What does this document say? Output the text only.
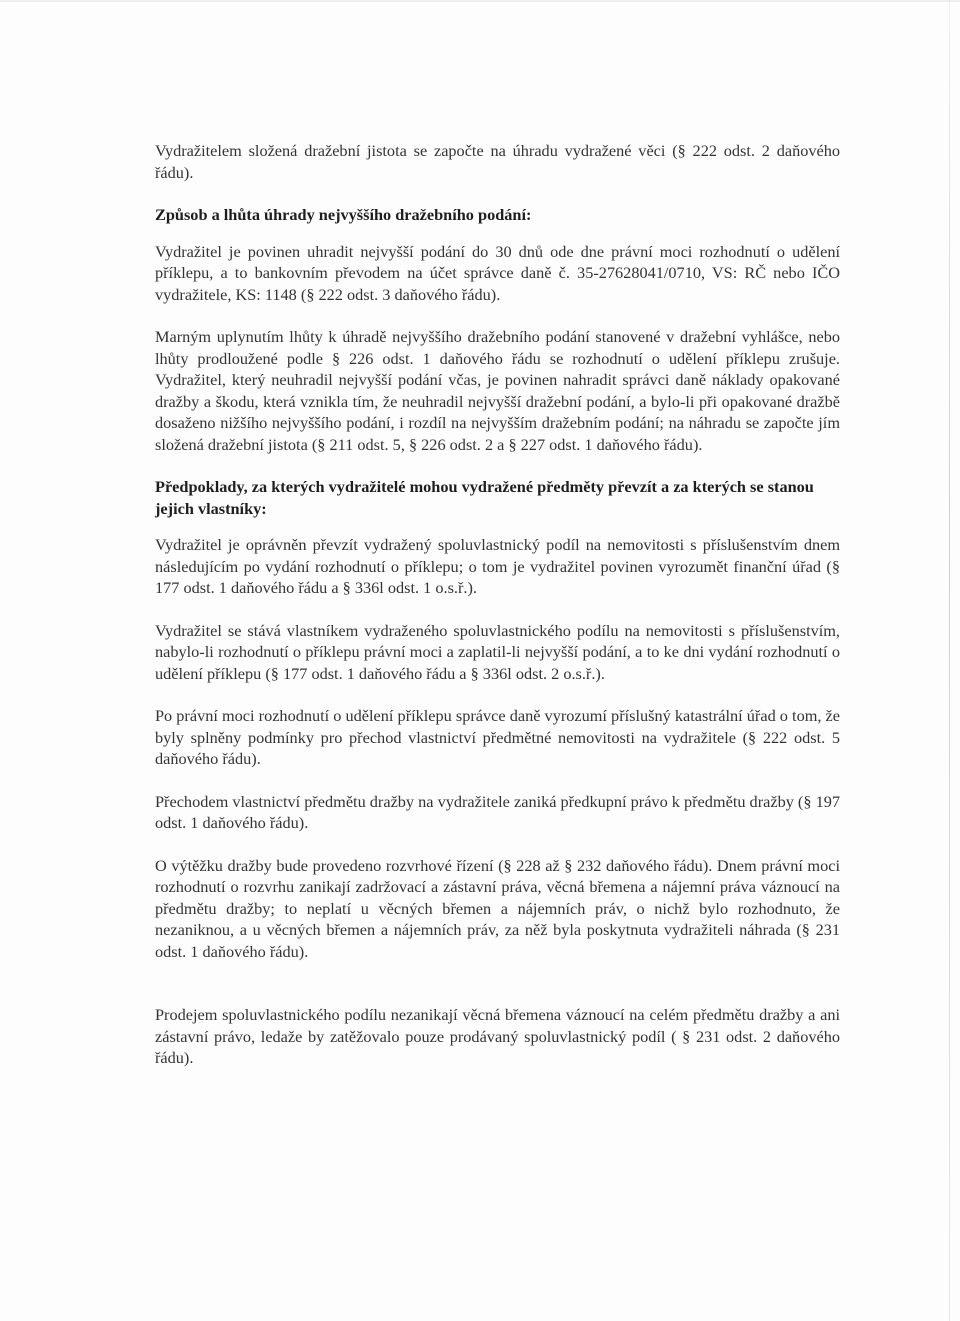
Vydražitelem složená dražební jistota se započte na úhradu vydražené věci (§ 222 odst. 2 daňového řádu).

Způsob a lhůta úhrady nejvyššího dražebního podání:

Vydražitel je povinen uhradit nejvyšší podání do 30 dnů ode dne právní moci rozhodnutí o udělení příklepu, a to bankovním převodem na účet správce daně č. 35-27628041/0710, VS: RČ nebo IČO vydražitele, KS: 1148 (§ 222 odst. 3 daňového řádu).

Marným uplynutím lhůty k úhradě nejvyššího dražebního podání stanovené v dražební vyhlášce, nebo lhůty prodloužené podle § 226 odst. 1 daňového řádu se rozhodnutí o udělení příklepu zrušuje. Vydražitel, který neuhradil nejvyšší podání včas, je povinen nahradit správci daně náklady opakované dražby a škodu, která vznikla tím, že neuhradil nejvyšší dražební podání, a bylo-li při opakované dražbě dosaženo nižšího nejvyššího podání, i rozdíl na nejvyšším dražebním podání; na náhradu se započte jím složená dražební jistota (§ 211 odst. 5, § 226 odst. 2 a § 227 odst. 1 daňového řádu).

Předpoklady, za kterých vydražitelé mohou vydražené předměty převzít a za kterých se stanou jejich vlastníky:

Vydražitel je oprávněn převzít vydražený spoluvlastnický podíl na nemovitosti s příslušenstvím dnem následujícím po vydání rozhodnutí o příklepu; o tom je vydražitel povinen vyrozumět finanční úřad (§ 177 odst. 1 daňového řádu a § 336l odst. 1 o.s.ř.).

Vydražitel se stává vlastníkem vydraženého spoluvlastnického podílu na nemovitosti s příslušenstvím, nabylo-li rozhodnutí o příklepu právní moci a zaplatil-li nejvyšší podání, a to ke dni vydání rozhodnutí o udělení příklepu (§ 177 odst. 1 daňového řádu a § 336l odst. 2 o.s.ř.).

Po právní moci rozhodnutí o udělení příklepu správce daně vyrozumí příslušný katastrální úřad o tom, že byly splněny podmínky pro přechod vlastnictví předmětné nemovitosti na vydražitele (§ 222 odst. 5 daňového řádu).

Přechodem vlastnictví předmětu dražby na vydražitele zaniká předkupní právo k předmětu dražby (§ 197 odst. 1 daňového řádu).

O výtěžku dražby bude provedeno rozvrhové řízení (§ 228 až § 232 daňového řádu). Dnem právní moci rozhodnutí o rozvrhu zanikají zadržovací a zástavní práva, věcná břemena a nájemní práva váznoucí na předmětu dražby; to neplatí u věcných břemen a nájemních práv, o nichž bylo rozhodnuto, že nezaniknou, a u věcných břemen a nájemních práv, za něž byla poskytnuta vydražiteli náhrada (§ 231 odst. 1 daňového řádu).

Prodejem spoluvlastnického podílu nezanikají věcná břemena váznoucí na celém předmětu dražby a ani zástavní právo, ledaže by zatěžovalo pouze prodávaný spoluvlastnický podíl ( § 231 odst. 2 daňového řádu).
